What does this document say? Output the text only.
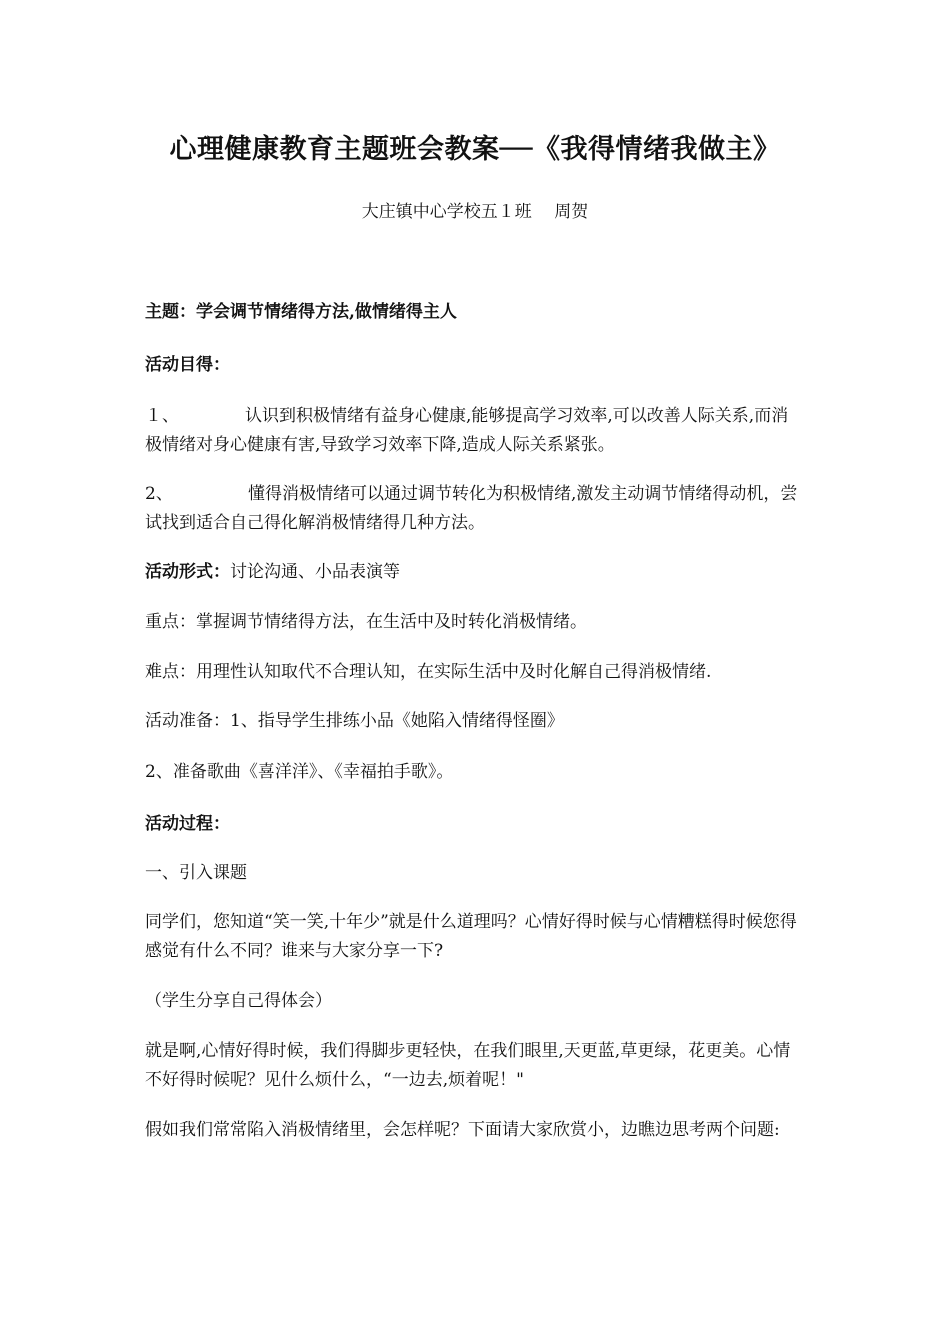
心理健康教育主题班会教案──《我得情绪我做主》
大庄镇中心学校五１班　 周贺

主题：学会调节情绪得方法,做情绪得主人

活动目得：

１、	认识到积极情绪有益身心健康,能够提高学习效率,可以改善人际关系,而消极情绪对身心健康有害,导致学习效率下降,造成人际关系紧张。

2、	懂得消极情绪可以通过调节转化为积极情绪,激发主动调节情绪得动机，尝试找到适合自己得化解消极情绪得几种方法。

活动形式：讨论沟通、小品表演等

重点：掌握调节情绪得方法，在生活中及时转化消极情绪。

难点：用理性认知取代不合理认知，在实际生活中及时化解自己得消极情绪.

活动准备：1、指导学生排练小品《她陷入情绪得怪圈》

2、准备歌曲《喜洋洋》、《幸福拍手歌》。

活动过程：

一、引入课题

同学们，您知道“笑一笑,十年少”就是什么道理吗？心情好得时候与心情糟糕得时候您得感觉有什么不同？谁来与大家分享一下?

（学生分享自己得体会）

就是啊,心情好得时候，我们得脚步更轻快，在我们眼里,天更蓝,草更绿，花更美。心情不好得时候呢？见什么烦什么，“一边去,烦着呢！"

假如我们常常陷入消极情绪里，会怎样呢？下面请大家欣赏小，边瞧边思考两个问题:
